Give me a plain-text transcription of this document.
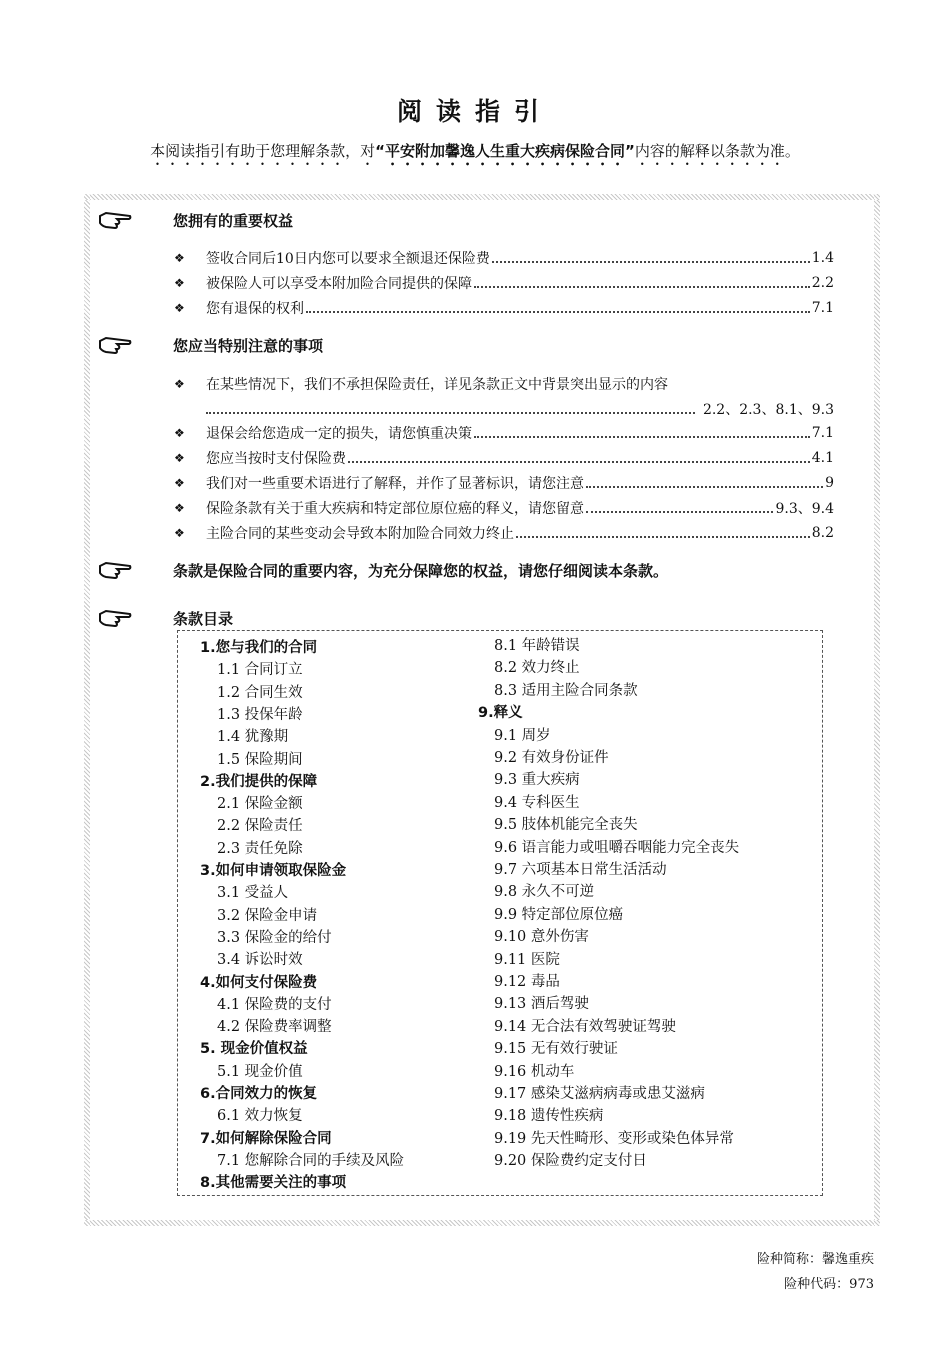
阅读指引
本阅读指引有助于您理解条款，对“平安附加馨逸人生重大疾病保险合同”内容的解释以条款为准。
您拥有的重要权益
❖	签收合同后10日内您可以要求全额退还保险费	1.4
❖	被保险人可以享受本附加险合同提供的保障	2.2
❖	您有退保的权利	7.1
您应当特别注意的事项
❖	在某些情况下，我们不承担保险责任，详见条款正文中背景突出显示的内容
2.2、2.3、8.1、9.3
❖	退保会给您造成一定的损失，请您慎重决策	7.1
❖	您应当按时支付保险费	4.1
❖	我们对一些重要术语进行了解释，并作了显著标识，请您注意	9
❖	保险条款有关于重大疾病和特定部位原位癌的释义，请您留意	9.3、9.4
❖	主险合同的某些变动会导致本附加险合同效力终止	8.2
条款是保险合同的重要内容，为充分保障您的权益，请您仔细阅读本条款。
条款目录
1.您与我们的合同
1.1 合同订立
1.2 合同生效
1.3 投保年龄
1.4 犹豫期
1.5 保险期间
2.我们提供的保障
2.1 保险金额
2.2 保险责任
2.3 责任免除
3.如何申请领取保险金
3.1 受益人
3.2 保险金申请
3.3 保险金的给付
3.4 诉讼时效
4.如何支付保险费
4.1 保险费的支付
4.2 保险费率调整
5. 现金价值权益
5.1 现金价值
6.合同效力的恢复
6.1 效力恢复
7.如何解除保险合同
7.1 您解除合同的手续及风险
8.其他需要关注的事项
8.1 年龄错误
8.2 效力终止
8.3 适用主险合同条款
9.释义
9.1 周岁
9.2 有效身份证件
9.3 重大疾病
9.4 专科医生
9.5 肢体机能完全丧失
9.6 语言能力或咀嚼吞咽能力完全丧失
9.7 六项基本日常生活活动
9.8 永久不可逆
9.9 特定部位原位癌
9.10 意外伤害
9.11 医院
9.12 毒品
9.13 酒后驾驶
9.14 无合法有效驾驶证驾驶
9.15 无有效行驶证
9.16 机动车
9.17 感染艾滋病病毒或患艾滋病
9.18 遗传性疾病
9.19 先天性畸形、变形或染色体异常
9.20 保险费约定支付日
险种简称：馨逸重疾
险种代码：973
